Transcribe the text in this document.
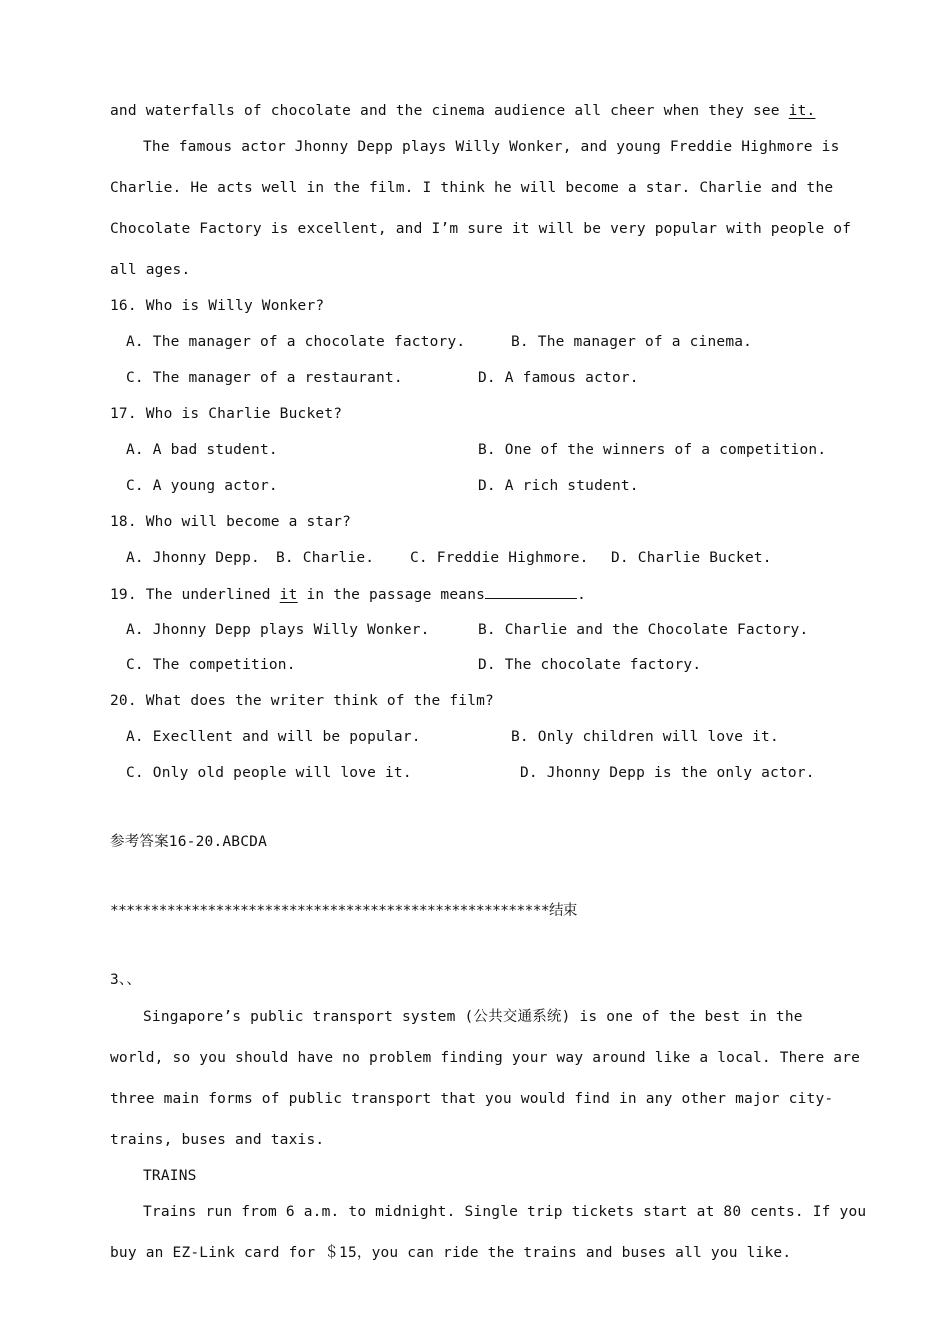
and waterfalls of chocolate and the cinema audience all cheer when they see it.
The famous actor Jhonny Depp plays Willy Wonker, and young Freddie Highmore is
Charlie. He acts well in the film. I think he will become a star. Charlie and the
Chocolate Factory is excellent, and I’m sure it will be very popular with people of
all ages.
16. Who is Willy Wonker?
A. The manager of a chocolate factory.	B. The manager of a cinema.
C. The manager of a restaurant.	D. A famous actor.
17. Who is Charlie Bucket?
A. A bad student.	B. One of the winners of a competition.
C. A young actor.	D. A rich student.
18. Who will become a star?
A. Jhonny Depp. B. Charlie. C. Freddie Highmore. D. Charlie Bucket.
19. The underlined it in the passage means	.
A. Jhonny Depp plays Willy Wonker.	B. Charlie and the Chocolate Factory.
C. The competition.	D. The chocolate factory.
20. What does the writer think of the film?
A. Execllent and will be popular.	B. Only children will love it.
C. Only old people will love it.	D. Jhonny Depp is the only actor.
参考答案16-20.ABCDA
******************************************************结束
3、、
Singapore’s public transport system (公共交通系统) is one of the best in the
world, so you should have no problem finding your way around like a local. There are
three main forms of public transport that you would find in any other major city-
trains, buses and taxis.
TRAINS
Trains run from 6 a.m. to midnight. Single trip tickets start at 80 cents. If you
buy an EZ-Link card for ＄15，you can ride the trains and buses all you like.
